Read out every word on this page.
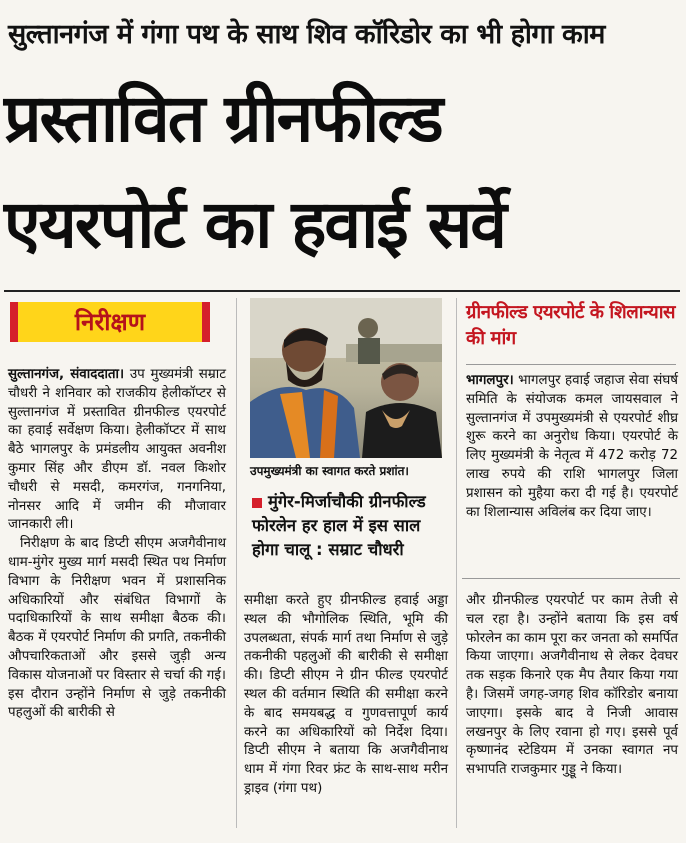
सुल्तानगंज में गंगा पथ के साथ शिव कॉरिडोर का भी होगा काम
प्रस्तावित ग्रीनफील्ड
एयरपोर्ट का हवाई सर्वे
निरीक्षण

सुल्तानगंज, संवाददाता। उप मुख्यमंत्री सम्राट चौधरी ने शनिवार को राजकीय हेलीकॉप्टर से सुल्तानगंज में प्रस्तावित ग्रीनफील्ड एयरपोर्ट का हवाई सर्वेक्षण किया। हेलीकॉप्टर में साथ बैठे भागलपुर के प्रमंडलीय आयुक्त अवनीश कुमार सिंह और डीएम डॉ. नवल किशोर चौधरी से मसदी, कमरगंज, गनगनिया, नोनसर आदि में जमीन की मौजावार जानकारी ली।

निरीक्षण के बाद डिप्टी सीएम अजगैवीनाथ धाम-मुंगेर मुख्य मार्ग मसदी स्थित पथ निर्माण विभाग के निरीक्षण भवन में प्रशासनिक अधिकारियों और संबंधित विभागों के पदाधिकारियों के साथ समीक्षा बैठक की। बैठक में एयरपोर्ट निर्माण की प्रगति, तकनीकी औपचारिकताओं और इससे जुड़ी अन्य विकास योजनाओं पर विस्तार से चर्चा की गई। इस दौरान उन्होंने निर्माण से जुड़े तकनीकी पहलुओं की बारीकी से

उपमुख्यमंत्री का स्वागत करते प्रशांत।
मुंगेर-मिर्जाचौकी ग्रीनफील्ड फोरलेन हर हाल में इस साल होगा चालू : सम्राट चौधरी

समीक्षा करते हुए ग्रीनफील्ड हवाई अड्डा स्थल की भौगोलिक स्थिति, भूमि की उपलब्धता, संपर्क मार्ग तथा निर्माण से जुड़े तकनीकी पहलुओं की बारीकी से समीक्षा की। डिप्टी सीएम ने ग्रीन फील्ड एयरपोर्ट स्थल की वर्तमान स्थिति की समीक्षा करने के बाद समयबद्ध व गुणवत्तापूर्ण कार्य करने का अधिकारियों को निर्देश दिया। डिप्टी सीएम ने बताया कि अजगैवीनाथ धाम में गंगा रिवर फ्रंट के साथ-साथ मरीन ड्राइव (गंगा पथ)

ग्रीनफील्ड एयरपोर्ट के शिलान्यास की मांग

भागलपुर। भागलपुर हवाई जहाज सेवा संघर्ष समिति के संयोजक कमल जायसवाल ने सुल्तानगंज में उपमुख्यमंत्री से एयरपोर्ट शीघ्र शुरू करने का अनुरोध किया। एयरपोर्ट के लिए मुख्यमंत्री के नेतृत्व में 472 करोड़ 72 लाख रुपये की राशि भागलपुर जिला प्रशासन को मुहैया करा दी गई है। एयरपोर्ट का शिलान्यास अविलंब कर दिया जाए।

और ग्रीनफील्ड एयरपोर्ट पर काम तेजी से चल रहा है। उन्होंने बताया कि इस वर्ष फोरलेन का काम पूरा कर जनता को समर्पित किया जाएगा। अजगैवीनाथ से लेकर देवघर तक सड़क किनारे एक मैप तैयार किया गया है। जिसमें जगह-जगह शिव कॉरिडोर बनाया जाएगा। इसके बाद वे निजी आवास लखनपुर के लिए रवाना हो गए। इससे पूर्व कृष्णानंद स्टेडियम में उनका स्वागत नप सभापति राजकुमार गुड्डू ने किया।
